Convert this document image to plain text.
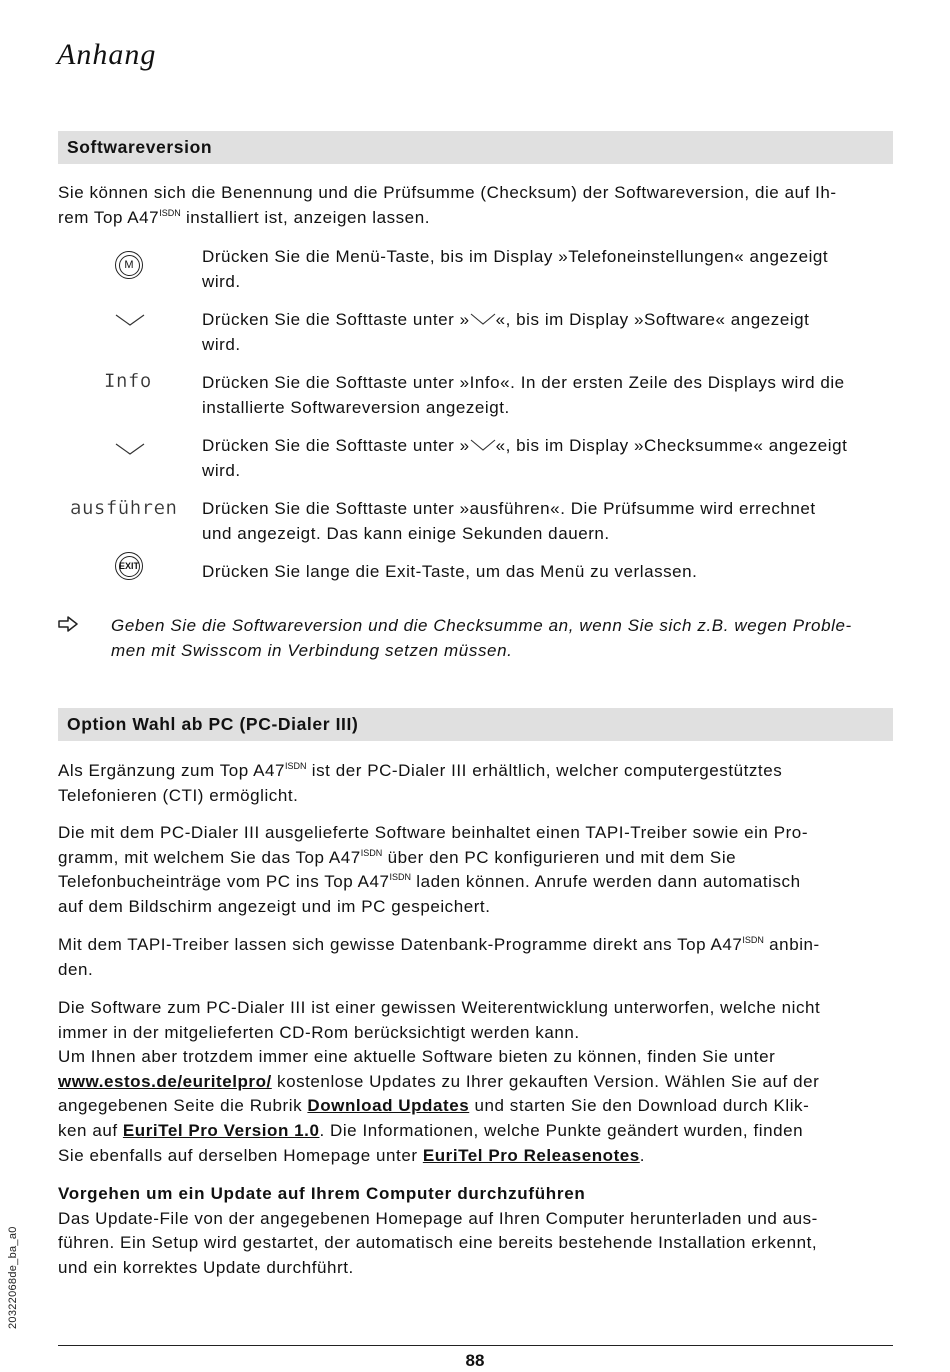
Anhang
Softwareversion
Sie können sich die Benennung und die Prüfsumme (Checksum) der Softwareversion, die auf Ih-
rem Top $A47^{ISDN}$ installiert ist, anzeigen lassen.
M
Info
ausführen
EXIT
Drücken Sie die Menü-Taste, bis im Display »Telefoneinstellungen« angezeigt
wird.
Drücken Sie die Softtaste unter » «, bis im Display »Software« angezeigt
wird.
Drücken Sie die Softtaste unter »Info«. In der ersten Zeile des Displays wird die
installierte Softwareversion angezeigt.
Drücken Sie die Softtaste unter » «, bis im Display »Checksumme« angezeigt
wird.
Drücken Sie die Softtaste unter »ausführen«. Die Prüfsumme wird errechnet
und angezeigt. Das kann einige Sekunden dauern.
Drücken Sie lange die Exit-Taste, um das Menü zu verlassen.
Geben Sie die Softwareversion und die Checksumme an, wenn Sie sich z.B. wegen Proble-
men mit Swisscom in Verbindung setzen müssen.
Option Wahl ab PC (PC-Dialer III)
Als Ergänzung zum Top $A47^{ISDN}$ ist der PC-Dialer III erhältlich, welcher computergestütztes
Telefonieren (CTI) ermöglicht.
Die mit dem PC-Dialer III ausgelieferte Software beinhaltet einen TAPI-Treiber sowie ein Pro-
gramm, mit welchem Sie das Top $A47^{ISDN}$ über den PC konfigurieren und mit dem Sie
Telefonbucheinträge vom PC ins Top $A47^{ISDN}$ laden können. Anrufe werden dann automatisch
auf dem Bildschirm angezeigt und im PC gespeichert.
Mit dem TAPI-Treiber lassen sich gewisse Datenbank-Programme direkt ans Top $A47^{ISDN}$ anbin-
den.
Die Software zum PC-Dialer III ist einer gewissen Weiterentwicklung unterworfen, welche nicht
immer in der mitgelieferten CD-Rom berücksichtigt werden kann.
Um Ihnen aber trotzdem immer eine aktuelle Software bieten zu können, finden Sie unter
www.estos.de/euritelpro/ kostenlose Updates zu Ihrer gekauften Version. Wählen Sie auf der
angegebenen Seite die Rubrik Download Updates und starten Sie den Download durch Klik-
ken auf EuriTel Pro Version 1.0. Die Informationen, welche Punkte geändert wurden, finden
Sie ebenfalls auf derselben Homepage unter EuriTel Pro Releasenotes.
Vorgehen um ein Update auf Ihrem Computer durchzuführen
Das Update-File von der angegebenen Homepage auf Ihren Computer herunterladen und aus-
führen. Ein Setup wird gestartet, der automatisch eine bereits bestehende Installation erkennt,
und ein korrektes Update durchführt.
20322068de_ba_a0
88
